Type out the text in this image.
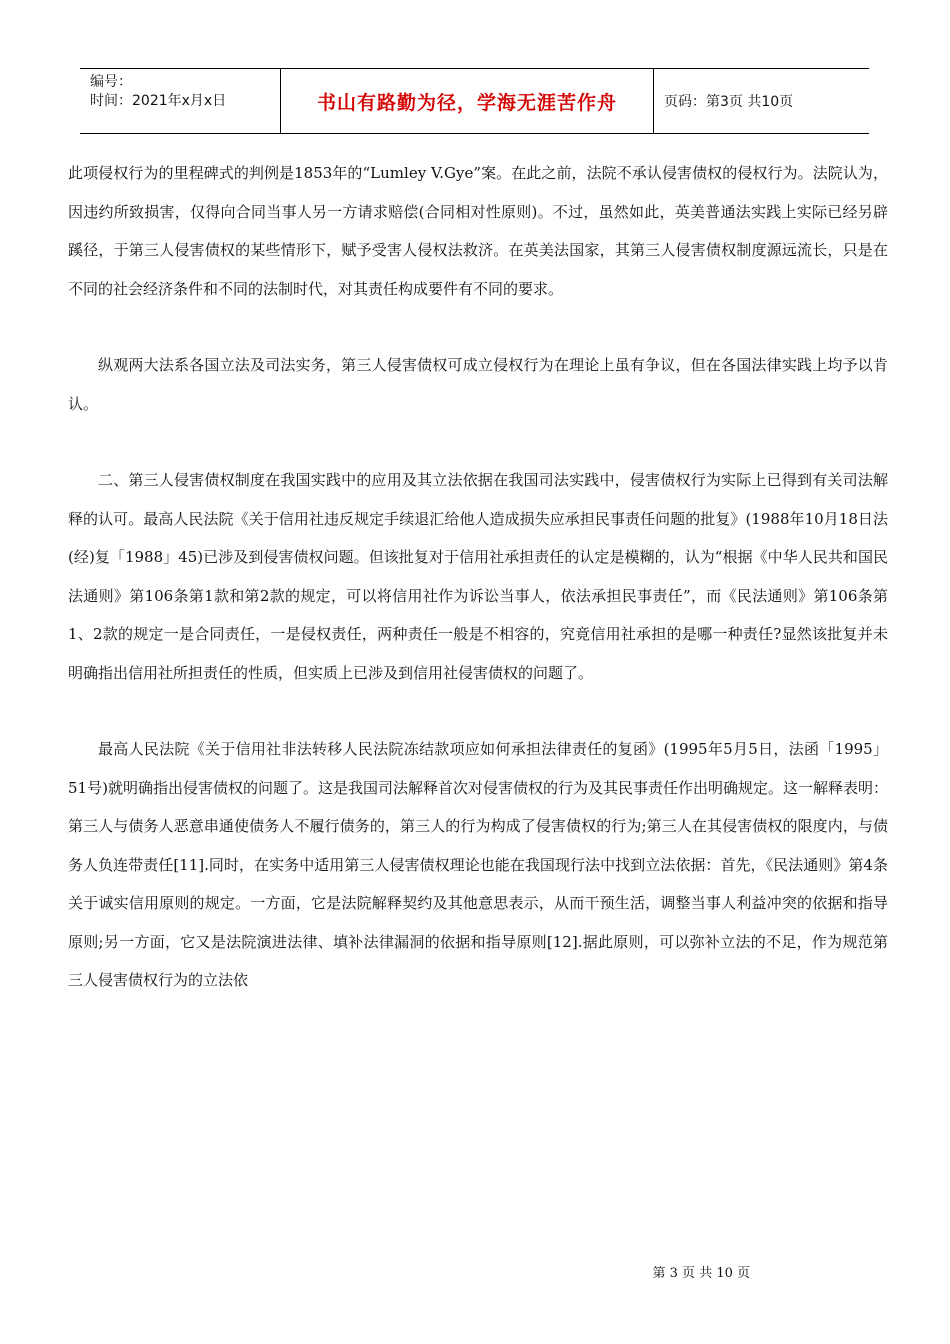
编号：
时间：2021年x月x日	书山有路勤为径，学海无涯苦作舟	页码：第3页 共10页

此项侵权行为的里程碑式的判例是1853年的“Lumley V.Gye”案。在此之前，法院不承认侵害债权的侵权行为。法院认为，因违约所致损害，仅得向合同当事人另一方请求赔偿(合同相对性原则)。不过，虽然如此，英美普通法实践上实际已经另辟蹊径，于第三人侵害债权的某些情形下，赋予受害人侵权法救济。在英美法国家，其第三人侵害债权制度源远流长，只是在不同的社会经济条件和不同的法制时代，对其责任构成要件有不同的要求。

纵观两大法系各国立法及司法实务，第三人侵害债权可成立侵权行为在理论上虽有争议，但在各国法律实践上均予以肯认。

二、第三人侵害债权制度在我国实践中的应用及其立法依据在我国司法实践中，侵害债权行为实际上已得到有关司法解释的认可。最高人民法院《关于信用社违反规定手续退汇给他人造成损失应承担民事责任问题的批复》(1988年10月18日法(经)复「1988」45)已涉及到侵害债权问题。但该批复对于信用社承担责任的认定是模糊的，认为“根据《中华人民共和国民法通则》第106条第1款和第2款的规定，可以将信用社作为诉讼当事人，依法承担民事责任”，而《民法通则》第106条第1、2款的规定一是合同责任，一是侵权责任，两种责任一般是不相容的，究竟信用社承担的是哪一种责任?显然该批复并未明确指出信用社所担责任的性质，但实质上已涉及到信用社侵害债权的问题了。

最高人民法院《关于信用社非法转移人民法院冻结款项应如何承担法律责任的复函》(1995年5月5日，法函「1995」51号)就明确指出侵害债权的问题了。这是我国司法解释首次对侵害债权的行为及其民事责任作出明确规定。这一解释表明：第三人与债务人恶意串通使债务人不履行债务的，第三人的行为构成了侵害债权的行为;第三人在其侵害债权的限度内，与债务人负连带责任[11].同时，在实务中适用第三人侵害债权理论也能在我国现行法中找到立法依据：首先，《民法通则》第4条关于诚实信用原则的规定。一方面，它是法院解释契约及其他意思表示，从而干预生活，调整当事人利益冲突的依据和指导原则;另一方面，它又是法院演进法律、填补法律漏洞的依据和指导原则[12].据此原则，可以弥补立法的不足，作为规范第三人侵害债权行为的立法依

第 3 页 共 10 页
